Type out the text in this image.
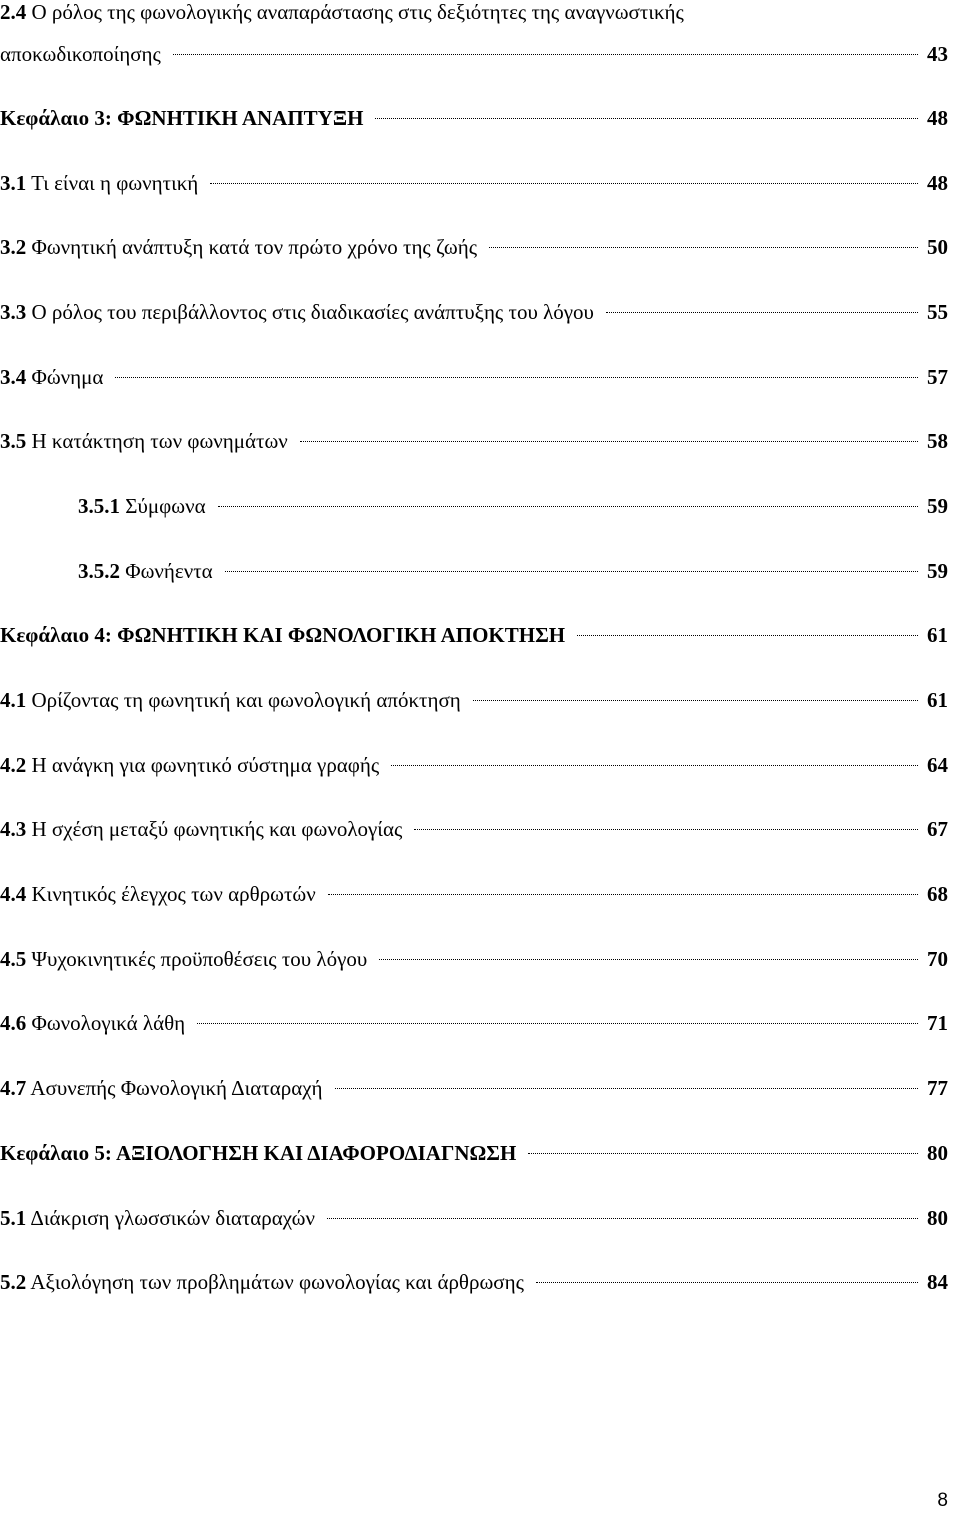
2.4 Ο ρόλος της φωνολογικής αναπαράστασης στις δεξιότητες της αναγνωστικής
αποκωδικοποίησης	43
Κεφάλαιο 3: ΦΩΝΗΤΙΚΗ ΑΝΑΠΤΥΞΗ	48
3.1 Τι είναι η φωνητική	48
3.2 Φωνητική ανάπτυξη κατά τον πρώτο χρόνο της ζωής	50
3.3 Ο ρόλος του περιβάλλοντος στις διαδικασίες ανάπτυξης του λόγου	55
3.4 Φώνημα	57
3.5 Η κατάκτηση των φωνημάτων	58
3.5.1 Σύμφωνα	59
3.5.2 Φωνήεντα	59
Κεφάλαιο 4: ΦΩΝΗΤΙΚΗ ΚΑΙ ΦΩΝΟΛΟΓΙΚΗ ΑΠΟΚΤΗΣΗ	61
4.1 Ορίζοντας τη φωνητική και φωνολογική απόκτηση	61
4.2 Η ανάγκη για φωνητικό σύστημα γραφής	64
4.3 Η σχέση μεταξύ φωνητικής και φωνολογίας	67
4.4 Κινητικός έλεγχος των αρθρωτών	68
4.5 Ψυχοκινητικές προϋποθέσεις του λόγου	70
4.6 Φωνολογικά λάθη	71
4.7 Ασυνεπής Φωνολογική Διαταραχή	77
Κεφάλαιο 5: ΑΞΙΟΛΟΓΗΣΗ ΚΑΙ ΔΙΑΦΟΡΟΔΙΑΓΝΩΣΗ	80
5.1 Διάκριση γλωσσικών διαταραχών	80
5.2 Αξιολόγηση των προβλημάτων φωνολογίας και άρθρωσης	84
8
